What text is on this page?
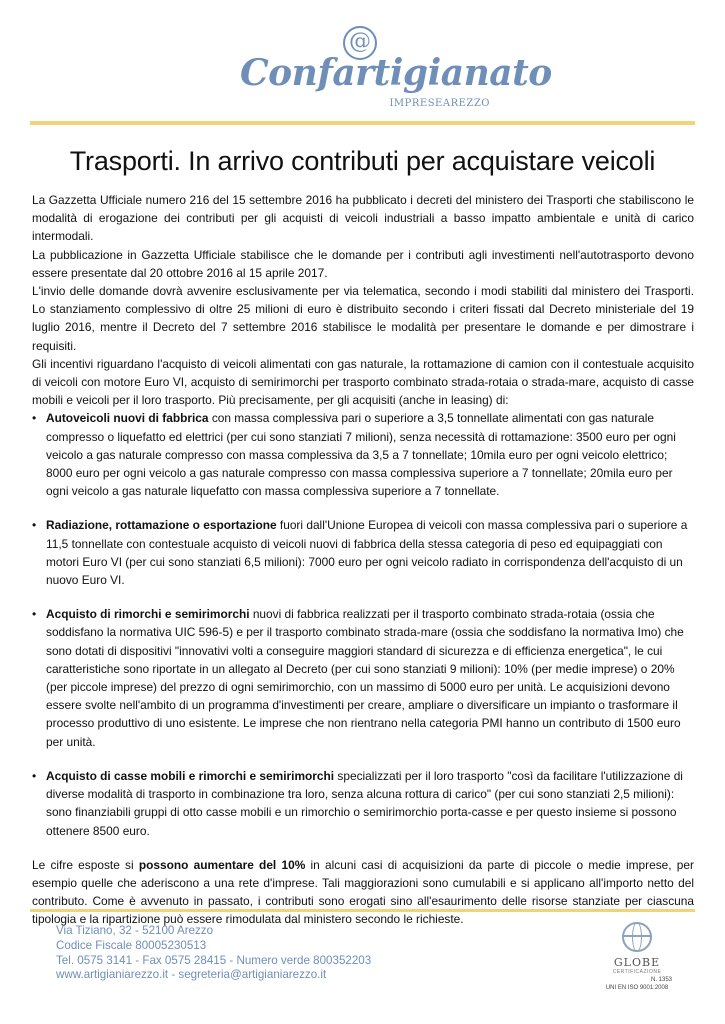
@
Confartigianato
IMPRESEAREZZO
Trasporti. In arrivo contributi per acquistare veicoli

La Gazzetta Ufficiale numero 216 del 15 settembre 2016 ha pubblicato i decreti del ministero dei Trasporti che stabiliscono le modalità di erogazione dei contributi per gli acquisti di veicoli industriali a basso impatto ambientale e unità di carico intermodali.

La pubblicazione in Gazzetta Ufficiale stabilisce che le domande per i contributi agli investimenti nell'autotrasporto devono essere presentate dal 20 ottobre 2016 al 15 aprile 2017.

L'invio delle domande dovrà avvenire esclusivamente per via telematica, secondo i modi stabiliti dal ministero dei Trasporti. Lo stanziamento complessivo di oltre 25 milioni di euro è distribuito secondo i criteri fissati dal Decreto ministeriale del 19 luglio 2016, mentre il Decreto del 7 settembre 2016 stabilisce le modalità per presentare le domande e per dimostrare i requisiti.

Gli incentivi riguardano l'acquisto di veicoli alimentati con gas naturale, la rottamazione di camion con il contestuale acquisito di veicoli con motore Euro VI, acquisto di semirimorchi per trasporto combinato strada-rotaia o strada-mare, acquisto di casse mobili e veicoli per il loro trasporto. Più precisamente, per gli acquisiti (anche in leasing) di:

• Autoveicoli nuovi di fabbrica con massa complessiva pari o superiore a 3,5 tonnellate alimentati con gas naturale compresso o liquefatto ed elettrici (per cui sono stanziati 7 milioni), senza necessità di rottamazione: 3500 euro per ogni veicolo a gas naturale compresso con massa complessiva da 3,5 a 7 tonnellate; 10mila euro per ogni veicolo elettrico; 8000 euro per ogni veicolo a gas naturale compresso con massa complessiva superiore a 7 tonnellate; 20mila euro per ogni veicolo a gas naturale liquefatto con massa complessiva superiore a 7 tonnellate.
• Radiazione, rottamazione o esportazione fuori dall'Unione Europea di veicoli con massa complessiva pari o superiore a 11,5 tonnellate con contestuale acquisto di veicoli nuovi di fabbrica della stessa categoria di peso ed equipaggiati con motori Euro VI (per cui sono stanziati 6,5 milioni): 7000 euro per ogni veicolo radiato in corrispondenza dell'acquisto di un nuovo Euro VI.
• Acquisto di rimorchi e semirimorchi nuovi di fabbrica realizzati per il trasporto combinato strada-rotaia (ossia che soddisfano la normativa UIC 596-5) e per il trasporto combinato strada-mare (ossia che soddisfano la normativa Imo) che sono dotati di dispositivi "innovativi volti a conseguire maggiori standard di sicurezza e di efficienza energetica", le cui caratteristiche sono riportate in un allegato al Decreto (per cui sono stanziati 9 milioni): 10% (per medie imprese) o 20% (per piccole imprese) del prezzo di ogni semirimorchio, con un massimo di 5000 euro per unità. Le acquisizioni devono essere svolte nell'ambito di un programma d'investimenti per creare, ampliare o diversificare un impianto o trasformare il processo produttivo di uno esistente. Le imprese che non rientrano nella categoria PMI hanno un contributo di 1500 euro per unità.
• Acquisto di casse mobili e rimorchi e semirimorchi specializzati per il loro trasporto "così da facilitare l'utilizzazione di diverse modalità di trasporto in combinazione tra loro, senza alcuna rottura di carico" (per cui sono stanziati 2,5 milioni): sono finanziabili gruppi di otto casse mobili e un rimorchio o semirimorchio porta-casse e per questo insieme si possono ottenere 8500 euro.

Le cifre esposte si possono aumentare del 10% in alcuni casi di acquisizioni da parte di piccole o medie imprese, per esempio quelle che aderiscono a una rete d'imprese. Tali maggiorazioni sono cumulabili e si applicano all'importo netto del contributo. Come è avvenuto in passato, i contributi sono erogati sino all'esaurimento delle risorse stanziate per ciascuna tipologia e la ripartizione può essere rimodulata dal ministero secondo le richieste.

Via Tiziano, 32 - 52100 Arezzo
Codice Fiscale 80005230513
Tel. 0575 3141 - Fax 0575 28415 - Numero verde 800352203
www.artigianiarezzo.it - segreteria@artigianiarezzo.it
GLOBE
CERTIFICAZIONE
N. 1353
UNI EN ISO 9001:2008
